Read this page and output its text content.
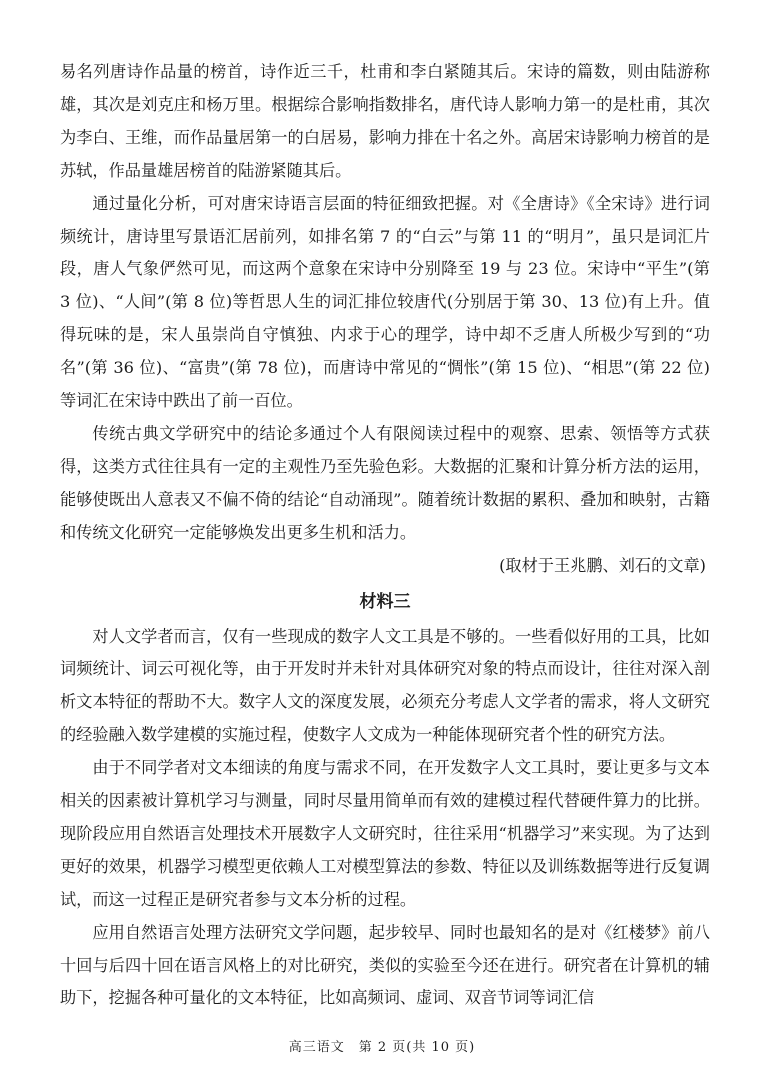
易名列唐诗作品量的榜首，诗作近三千，杜甫和李白紧随其后。宋诗的篇数，则由陆游称雄，其次是刘克庄和杨万里。根据综合影响指数排名，唐代诗人影响力第一的是杜甫，其次为李白、王维，而作品量居第一的白居易，影响力排在十名之外。高居宋诗影响力榜首的是苏轼，作品量雄居榜首的陆游紧随其后。

通过量化分析，可对唐宋诗语言层面的特征细致把握。对《全唐诗》《全宋诗》进行词频统计，唐诗里写景语汇居前列，如排名第 7 的“白云”与第 11 的“明月”，虽只是词汇片段，唐人气象俨然可见，而这两个意象在宋诗中分别降至 19 与 23 位。宋诗中“平生”(第 3 位)、“人间”(第 8 位)等哲思人生的词汇排位较唐代(分别居于第 30、13 位)有上升。值得玩味的是，宋人虽崇尚自守慎独、内求于心的理学，诗中却不乏唐人所极少写到的“功名”(第 36 位)、“富贵”(第 78 位)，而唐诗中常见的“惆怅”(第 15 位)、“相思”(第 22 位)等词汇在宋诗中跌出了前一百位。

传统古典文学研究中的结论多通过个人有限阅读过程中的观察、思索、领悟等方式获得，这类方式往往具有一定的主观性乃至先验色彩。大数据的汇聚和计算分析方法的运用，能够使既出人意表又不偏不倚的结论“自动涌现”。随着统计数据的累积、叠加和映射，古籍和传统文化研究一定能够焕发出更多生机和活力。

(取材于王兆鹏、刘石的文章)

材料三

对人文学者而言，仅有一些现成的数字人文工具是不够的。一些看似好用的工具，比如词频统计、词云可视化等，由于开发时并未针对具体研究对象的特点而设计，往往对深入剖析文本特征的帮助不大。数字人文的深度发展，必须充分考虑人文学者的需求，将人文研究的经验融入数学建模的实施过程，使数字人文成为一种能体现研究者个性的研究方法。

由于不同学者对文本细读的角度与需求不同，在开发数字人文工具时，要让更多与文本相关的因素被计算机学习与测量，同时尽量用简单而有效的建模过程代替硬件算力的比拼。现阶段应用自然语言处理技术开展数字人文研究时，往往采用“机器学习”来实现。为了达到更好的效果，机器学习模型更依赖人工对模型算法的参数、特征以及训练数据等进行反复调试，而这一过程正是研究者参与文本分析的过程。

应用自然语言处理方法研究文学问题，起步较早、同时也最知名的是对《红楼梦》前八十回与后四十回在语言风格上的对比研究，类似的实验至今还在进行。研究者在计算机的辅助下，挖掘各种可量化的文本特征，比如高频词、虚词、双音节词等词汇信

高三语文　第 2 页(共 10 页)
